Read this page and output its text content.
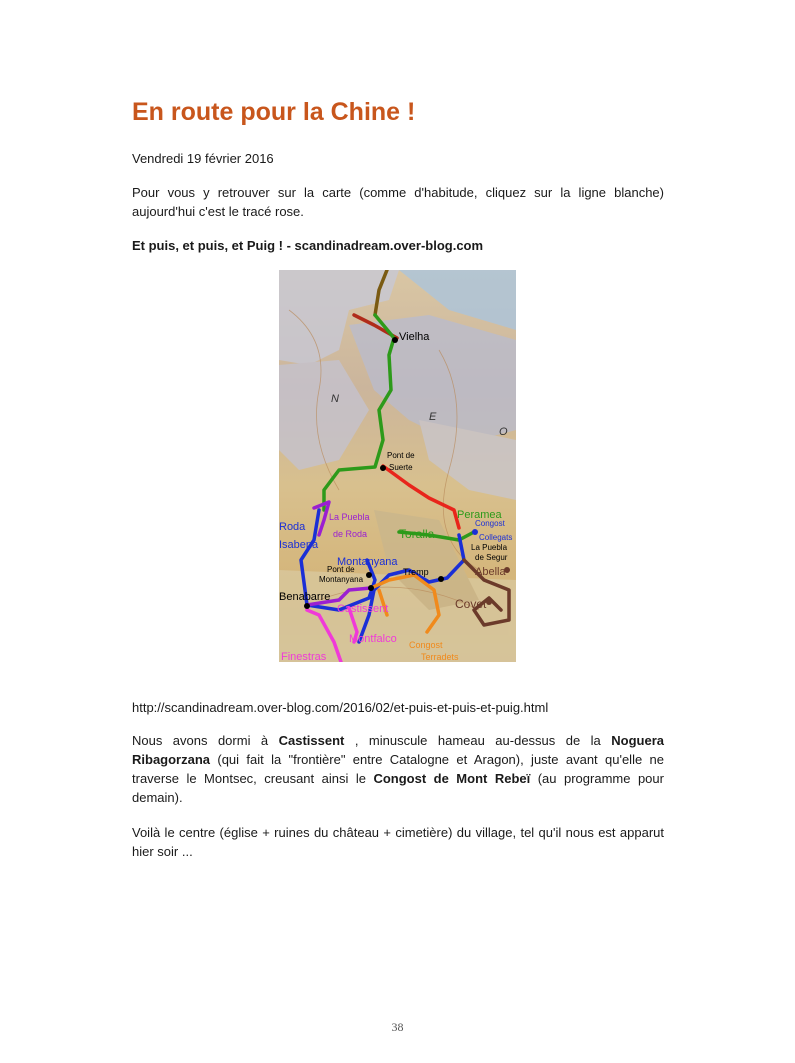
En route pour la Chine !
Vendredi 19 février 2016

Pour vous y retrouver sur la carte (comme d'habitude, cliquez sur la ligne blanche) aujourd'hui c'est le tracé rose.

Et puis, et puis, et Puig ! - scandinadream.over-blog.com
Vielha
Pont de
Suerte
Peramea
Congost
Collegats
La Puebla
de Segur
Roda
Isabena
La Puebla
de Roda
Montanyana
Pont de
Montanyana
Toralla
Tremp	Abella
Covet
Benabarre
Castissent
Montfalco Congost
Terradets
Finestras
N
E
O
http://scandinadream.over-blog.com/2016/02/et-puis-et-puis-et-puig.html

Nous avons dormi à Castissent , minuscule hameau au-dessus de la Noguera Ribagorzana (qui fait la "frontière" entre Catalogne et Aragon), juste avant qu'elle ne traverse le Montsec, creusant ainsi le Congost de Mont Rebeï (au programme pour demain).

Voilà le centre (église + ruines du château + cimetière) du village, tel qu'il nous est apparut hier soir ...

38
